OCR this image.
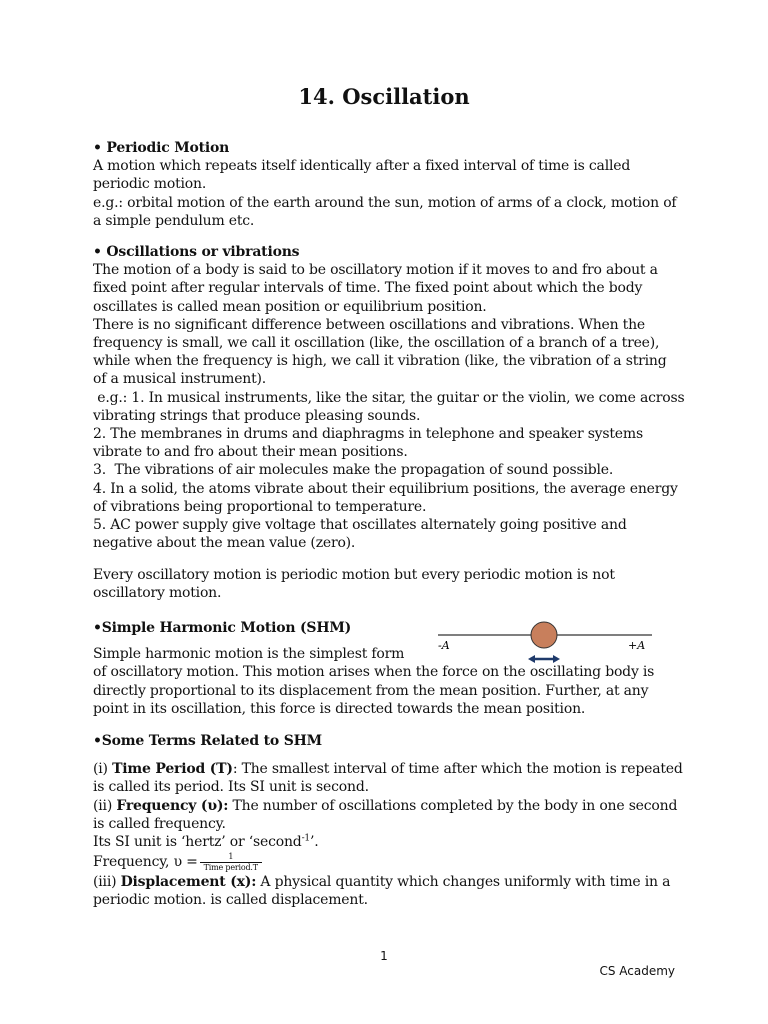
14. Oscillation

• Periodic Motion

A motion which repeats itself identically after a fixed interval of time is called

periodic motion.

e.g.: orbital motion of the earth around the sun, motion of arms of a clock, motion of

a simple pendulum etc.

• Oscillations or vibrations

The motion of a body is said to be oscillatory motion if it moves to and fro about a

fixed point after regular intervals of time. The fixed point about which the body

oscillates is called mean position or equilibrium position.

There is no significant difference between oscillations and vibrations. When the

frequency is small, we call it oscillation (like, the oscillation of a branch of a tree),

while when the frequency is high, we call it vibration (like, the vibration of a string

of a musical instrument).

e.g.: 1. In musical instruments, like the sitar, the guitar or the violin, we come across

vibrating strings that produce pleasing sounds.

2. The membranes in drums and diaphragms in telephone and speaker systems

vibrate to and fro about their mean positions.

3.  The vibrations of air molecules make the propagation of sound possible.

4. In a solid, the atoms vibrate about their equilibrium positions, the average energy

of vibrations being proportional to temperature.

5. AC power supply give voltage that oscillates alternately going positive and

negative about the mean value (zero).

Every oscillatory motion is periodic motion but every periodic motion is not

oscillatory motion.

•Simple Harmonic Motion (SHM)

Simple harmonic motion is the simplest form

of oscillatory motion. This motion arises when the force on the oscillating body is

directly proportional to its displacement from the mean position. Further, at any

point in its oscillation, this force is directed towards the mean position.

-A	+A

•Some Terms Related to SHM

(i) Time Period (T): The smallest interval of time after which the motion is repeated

is called its period. Its SI unit is second.

(ii) Frequency (υ): The number of oscillations completed by the body in one second

is called frequency.

Its SI unit is ‘hertz’ or ‘second$^{-1}$’.

Frequency, $\upsilon = \frac{1}{\text{Time period.T}}$

(iii) Displacement (x): A physical quantity which changes uniformly with time in a

periodic motion. is called displacement.

1
CS Academy
